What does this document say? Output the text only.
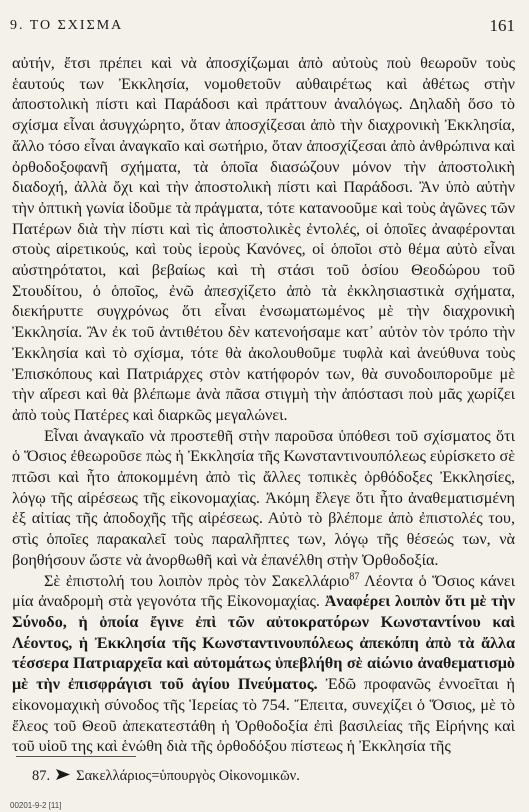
9. ΤΟ ΣΧΙΣΜΑ	161

αὐτήν, ἔτσι πρέπει καὶ νὰ ἀποσχίζωμαι ἀπὸ αὐτοὺς ποὺ θεωροῦν τοὺς ἑαυτούς των Ἐκκλησία, νομοθετοῦν αὐθαιρέτως καὶ ἀθέτως στὴν ἀποστολικὴ πίστι καὶ Παράδοσι καὶ πράττουν ἀναλόγως. Δηλαδὴ ὅσο τὸ σχίσμα εἶναι ἀσυγχώρητο, ὅταν ἀποσχίζεσαι ἀπὸ τὴν διαχρονικὴ Ἐκκλησία, ἄλλο τόσο εἶναι ἀναγκαῖο καὶ σωτήριο, ὅταν ἀποσχίζεσαι ἀπὸ ἀνθρώπινα καὶ ὀρθοδοξοφανῆ σχήματα, τὰ ὁποῖα διασώζουν μόνον τὴν ἀποστολικὴ διαδοχή, ἀλλὰ ὄχι καὶ τὴν ἀποστολικὴ πίστι καὶ Παράδοσι. Ἂν ὑπὸ αὐτὴν τὴν ὀπτικὴ γωνία ἰδοῦμε τὰ πράγματα, τότε κατανοοῦμε καὶ τοὺς ἀγῶνες τῶν Πατέρων διὰ τὴν πίστι καὶ τὶς ἀποστολικὲς ἐντολές, οἱ ὁποῖες ἀναφέρονται στοὺς αἱρετικούς, καὶ τοὺς ἱεροὺς Κανόνες, οἱ ὁποῖοι στὸ θέμα αὐτὸ εἶναι αὐστηρότατοι, καὶ βεβαίως καὶ τὴ στάσι τοῦ ὁσίου Θεοδώρου τοῦ Στουδίτου, ὁ ὁποῖος, ἐνῶ ἀπεσχίζετο ἀπὸ τὰ ἐκκλησιαστικὰ σχήματα, διεκήρυττε συγχρόνως ὅτι εἶναι ἐνσωματωμένος μὲ τὴν διαχρονικὴ Ἐκκλησία. Ἂν ἐκ τοῦ ἀντιθέτου δὲν κατενοήσαμε κατ᾽ αὐτὸν τὸν τρόπο τὴν Ἐκκλησία καὶ τὸ σχίσμα, τότε θὰ ἀκολουθοῦμε τυφλὰ καὶ ἀνεύθυνα τοὺς Ἐπισκόπους καὶ Πατριάρχες στὸν κατήφορόν των, θὰ συνοδοιποροῦμε μὲ τὴν αἵρεσι καὶ θὰ βλέπωμε ἀνὰ πᾶσα στιγμὴ τὴν ἀπόστασι ποὺ μᾶς χωρίζει ἀπὸ τοὺς Πατέρες καὶ διαρκῶς μεγαλώνει.

Εἶναι ἀναγκαῖο νὰ προστεθῆ στὴν παροῦσα ὑπόθεσι τοῦ σχίσματος ὅτι ὁ Ὅσιος ἐθεωροῦσε πὼς ἡ Ἐκκλησία τῆς Κωνσταντινουπόλεως εὑρίσκετο σὲ πτῶσι καὶ ἦτο ἀποκομμένη ἀπὸ τὶς ἄλλες τοπικὲς ὀρθόδοξες Ἐκκλησίες, λόγῳ τῆς αἱρέσεως τῆς εἰκονομαχίας. Ἀκόμη ἔλεγε ὅτι ἦτο ἀναθεματισμένη ἐξ αἰτίας τῆς ἀποδοχῆς τῆς αἱρέσεως. Αὐτὸ τὸ βλέπομε ἀπὸ ἐπιστολές του, στὶς ὁποῖες παρακαλεῖ τοὺς παραλῆπτες των, λόγῳ τῆς θέσεώς των, νὰ βοηθήσουν ὥστε νὰ ἀνορθωθῆ καὶ νὰ ἐπανέλθη στὴν Ὀρθοδοξία.

Σὲ ἐπιστολή του λοιπὸν πρὸς τὸν Σακελλάριο$^{87}$ Λέοντα ὁ Ὅσιος κάνει μία ἀναδρομὴ στὰ γεγονότα τῆς Εἰκονομαχίας. Ἀναφέρει λοιπὸν ὅτι μὲ τὴν Σύνοδο, ἡ ὁποία ἔγινε ἐπὶ τῶν αὐτοκρατόρων Κωνσταντίνου καὶ Λέοντος, ἡ Ἐκκλησία τῆς Κωνσταντινουπόλεως ἀπεκόπη ἀπὸ τὰ ἄλλα τέσσερα Πατριαρχεῖα καὶ αὐτομάτως ὑπεβλήθη σὲ αἰώνιο ἀναθεματισμὸ μὲ τὴν ἐπισφράγισι τοῦ ἁγίου Πνεύματος. Ἐδῶ προφανῶς ἐννοεῖται ἡ εἰκονομαχικὴ σύνοδος τῆς Ἱερείας τὸ 754. Ἔπειτα, συνεχίζει ὁ Ὅσιος, μὲ τὸ ἔλεος τοῦ Θεοῦ ἀπεκατεστάθη ἡ Ὀρθοδοξία ἐπὶ βασιλείας τῆς Εἰρήνης καὶ τοῦ υἱοῦ της καὶ ἑνώθη διὰ τῆς ὀρθοδόξου πίστεως ἡ Ἐκκλησία τῆς

87. Σακελλάριος=ὑπουργὸς Οἰκονομικῶν.
00201-9-2 [11]
